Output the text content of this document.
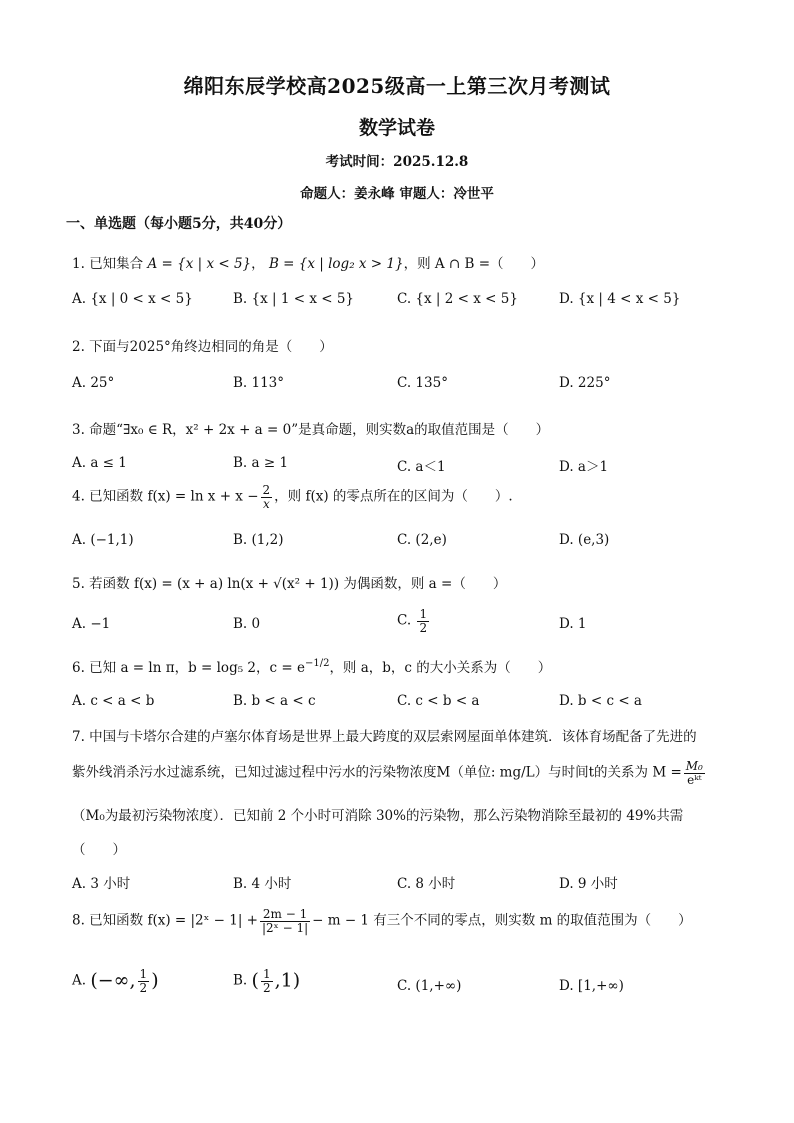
绵阳东辰学校高2025级高一上第三次月考测试
数学试卷
考试时间：2025.12.8
命题人：姜永峰 审题人：冷世平
一、单选题（每小题5分，共40分）
1. 已知集合 A = {x | x < 5}， B = {x | log₂ x > 1}，则 A ∩ B =（　　）
A. {x | 0 < x < 5}	B. {x | 1 < x < 5}	C. {x | 2 < x < 5}	D. {x | 4 < x < 5}
2. 下面与2025°角终边相同的角是（　　）
A. 25°	B. 113°	C. 135°	D. 225°
3. 命题“∃x₀ ∈ R，x² + 2x + a = 0”是真命题，则实数a的取值范围是（　　）
A. a ≤ 1	B. a ≥ 1	C. a＜1	D. a＞1
4. 已知函数 $f(x) = \ln x + x - \frac{2}{x}$ ，则 f(x) 的零点所在的区间为（　　）.
A. (−1,1)	B. (1,2)	C. (2,e)	D. (e,3)
5. 若函数 f(x) = (x + a) ln(x + √(x² + 1)) 为偶函数，则 a =（　　）
A. −1	B. 0	C. $\frac{1}{2}$	D. 1
6. 已知 a = ln π，b = log₅ 2，$c = e^{-1/2}$，则 a，b，c 的大小关系为（　　）
A. c < a < b	B. b < a < c	C. c < b < a	D. b < c < a
7. 中国与卡塔尔合建的卢塞尔体育场是世界上最大跨度的双层索网屋面单体建筑．该体育场配备了先进的
紫外线消杀污水过滤系统，已知过滤过程中污水的污染物浓度M（单位: mg/L）与时间t的关系为 $M = \frac{\text{M₀}}{\text{eᵏᵗ}}$
（M₀为最初污染物浓度）．已知前 2 个小时可消除 30%的污染物，那么污染物消除至最初的 49%共需
（　　）
A. 3 小时	B. 4 小时	C. 8 小时	D. 9 小时
8. 已知函数 f(x) = |2ˣ − $1| + \frac{2m - 1}{\text{|2ˣ − 1|}} - m - 1$ 有三个不同的零点，则实数 m 的取值范围为（　　）
A. (−∞, $\frac{1}{2}$ )	B. ( $\frac{1}{2} ,1$)	C. (1,+∞)	D. [1,+∞)
